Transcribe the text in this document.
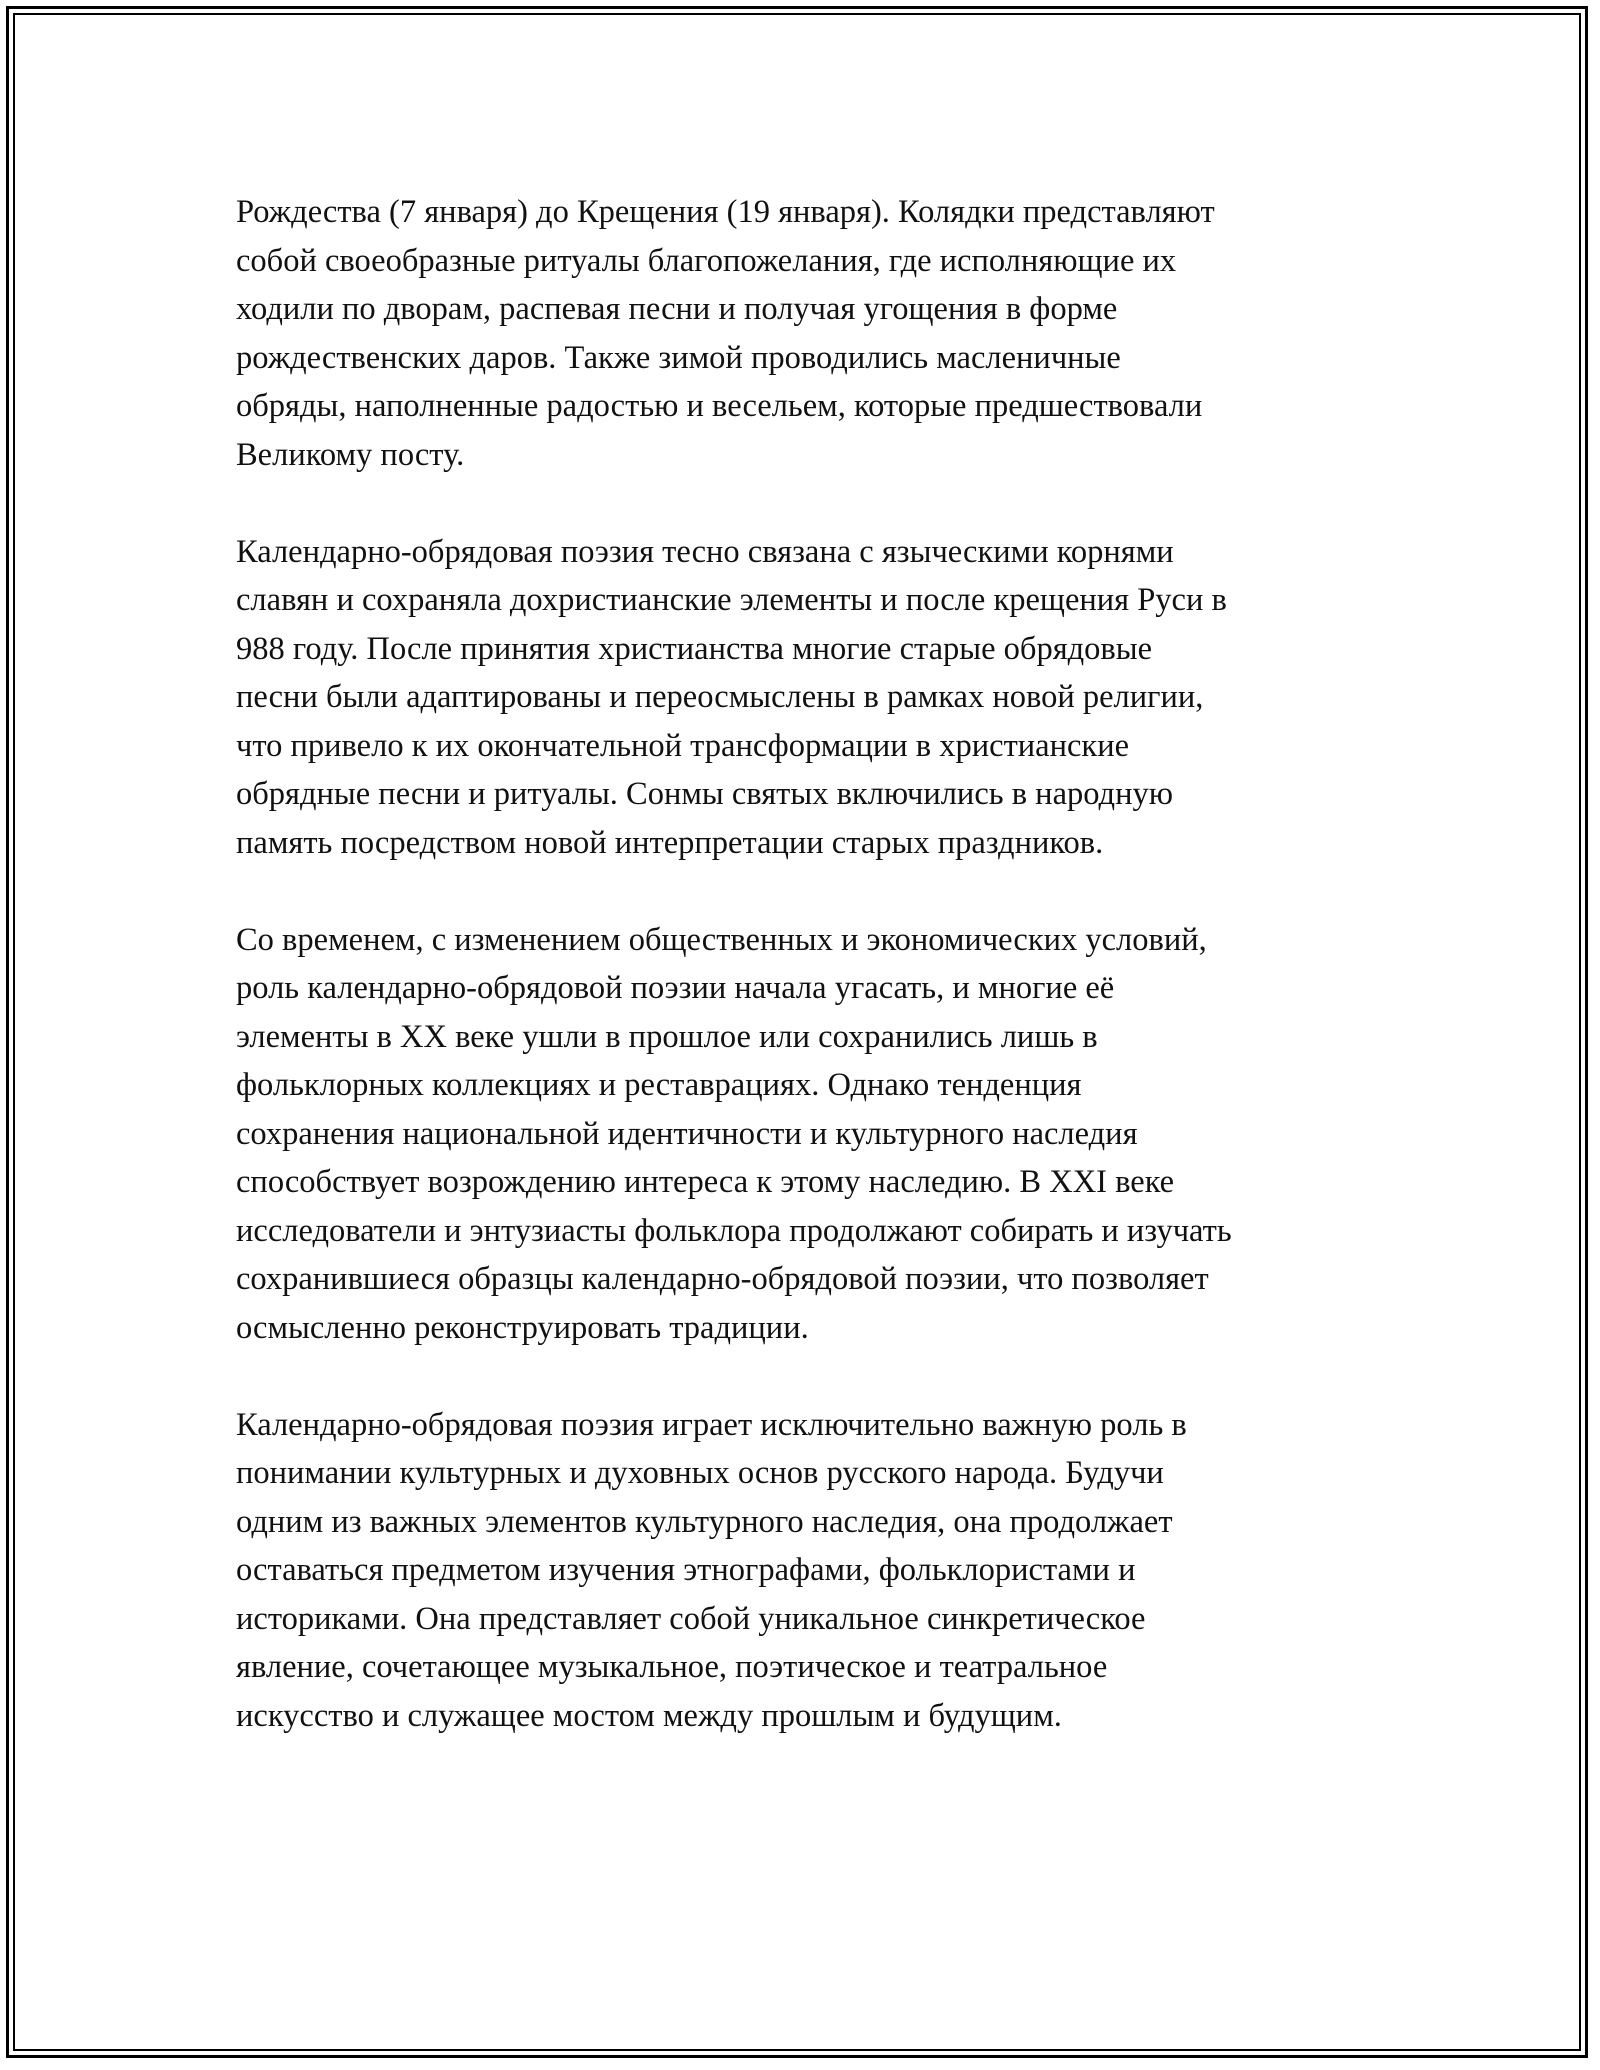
Рождества (7 января) до Крещения (19 января). Колядки представляют
собой своеобразные ритуалы благопожелания, где исполняющие их
ходили по дворам, распевая песни и получая угощения в форме
рождественских даров. Также зимой проводились масленичные
обряды, наполненные радостью и весельем, которые предшествовали
Великому посту.

Календарно-обрядовая поэзия тесно связана с языческими корнями
славян и сохраняла дохристианские элементы и после крещения Руси в
988 году. После принятия христианства многие старые обрядовые
песни были адаптированы и переосмыслены в рамках новой религии,
что привело к их окончательной трансформации в христианские
обрядные песни и ритуалы. Сонмы святых включились в народную
память посредством новой интерпретации старых праздников.

Со временем, с изменением общественных и экономических условий,
роль календарно-обрядовой поэзии начала угасать, и многие её
элементы в XX веке ушли в прошлое или сохранились лишь в
фольклорных коллекциях и реставрациях. Однако тенденция
сохранения национальной идентичности и культурного наследия
способствует возрождению интереса к этому наследию. В XXI веке
исследователи и энтузиасты фольклора продолжают собирать и изучать
сохранившиеся образцы календарно-обрядовой поэзии, что позволяет
осмысленно реконструировать традиции.

Календарно-обрядовая поэзия играет исключительно важную роль в
понимании культурных и духовных основ русского народа. Будучи
одним из важных элементов культурного наследия, она продолжает
оставаться предметом изучения этнографами, фольклористами и
историками. Она представляет собой уникальное синкретическое
явление, сочетающее музыкальное, поэтическое и театральное
искусство и служащее мостом между прошлым и будущим.
